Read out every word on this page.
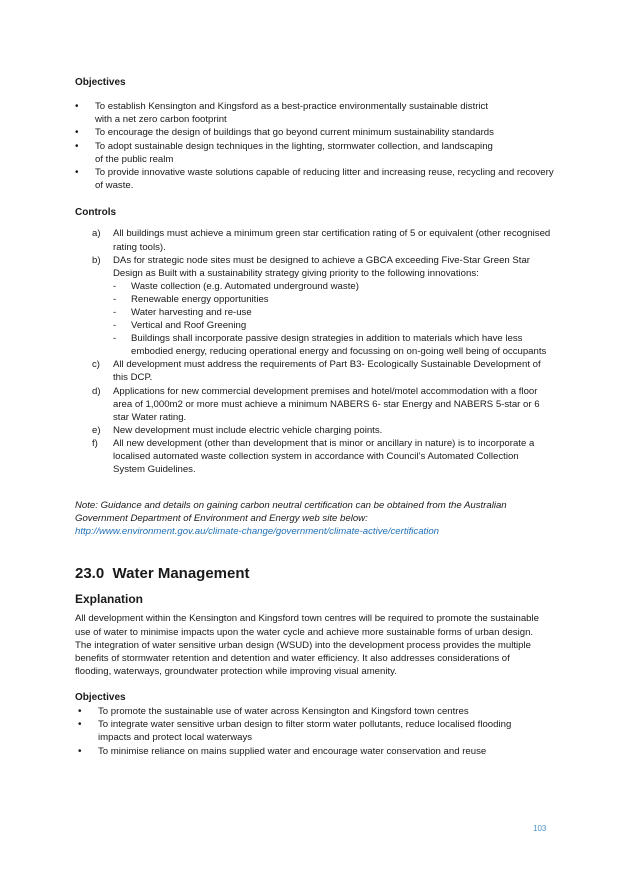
Objectives

• To establish Kensington and Kingsford as a best-practice environmentally sustainable district with a net zero carbon footprint
• To encourage the design of buildings that go beyond current minimum sustainability standards
• To adopt sustainable design techniques in the lighting, stormwater collection, and landscaping of the public realm
• To provide innovative waste solutions capable of reducing litter and increasing reuse, recycling and recovery of waste.

Controls

a) All buildings must achieve a minimum green star certification rating of 5 or equivalent (other recognised rating tools).
b) DAs for strategic node sites must be designed to achieve a GBCA exceeding Five-Star Green Star Design as Built with a sustainability strategy giving priority to the following innovations:
- Waste collection (e.g. Automated underground waste)
- Renewable energy opportunities
- Water harvesting and re-use
- Vertical and Roof Greening
- Buildings shall incorporate passive design strategies in addition to materials which have less embodied energy, reducing operational energy and focussing on on-going well being of occupants
c) All development must address the requirements of Part B3- Ecologically Sustainable Development of this DCP.
d) Applications for new commercial development premises and hotel/motel accommodation with a floor area of 1,000m2 or more must achieve a minimum NABERS 6- star Energy and NABERS 5-star or 6 star Water rating.
e) New development must include electric vehicle charging points.
f) All new development (other than development that is minor or ancillary in nature) is to incorporate a localised automated waste collection system in accordance with Council’s Automated Collection System Guidelines.
Note: Guidance and details on gaining carbon neutral certification can be obtained from the Australian Government Department of Environment and Energy web site below:
http://www.environment.gov.au/climate-change/government/climate-active/certification
23.0 Water Management
Explanation

All development within the Kensington and Kingsford town centres will be required to promote the sustainable use of water to minimise impacts upon the water cycle and achieve more sustainable forms of urban design. The integration of water sensitive urban design (WSUD) into the development process provides the multiple benefits of stormwater retention and detention and water efficiency. It also addresses considerations of flooding, waterways, groundwater protection while improving visual amenity.

Objectives

• To promote the sustainable use of water across Kensington and Kingsford town centres
• To integrate water sensitive urban design to filter storm water pollutants, reduce localised flooding impacts and protect local waterways
• To minimise reliance on mains supplied water and encourage water conservation and reuse
103
